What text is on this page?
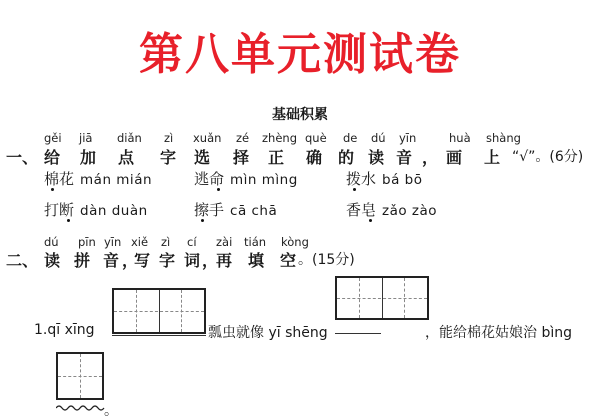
第八单元测试卷
基础积累
gěi jiā diǎn zì xuǎn zé zhèng què de dú yīn	huà shàng
一、 给 加 点 字 选 择 正 确 的 读 音 ， 画 上 “√”。(6分)
棉花 mán mián	逃命 mìn mìng	拨水 bá bō
打断 dàn duàn	擦手 cā chā	香皂 zǎo zào
dú pīn yīn xiě zì cí zài tián kòng
二、 读 拼 音 ，
写 字 词 ，
再 填 空 。(15分)
1.qī xīng	瓢虫就像 yī shēng	，能给棉花姑娘治 bìng
。
